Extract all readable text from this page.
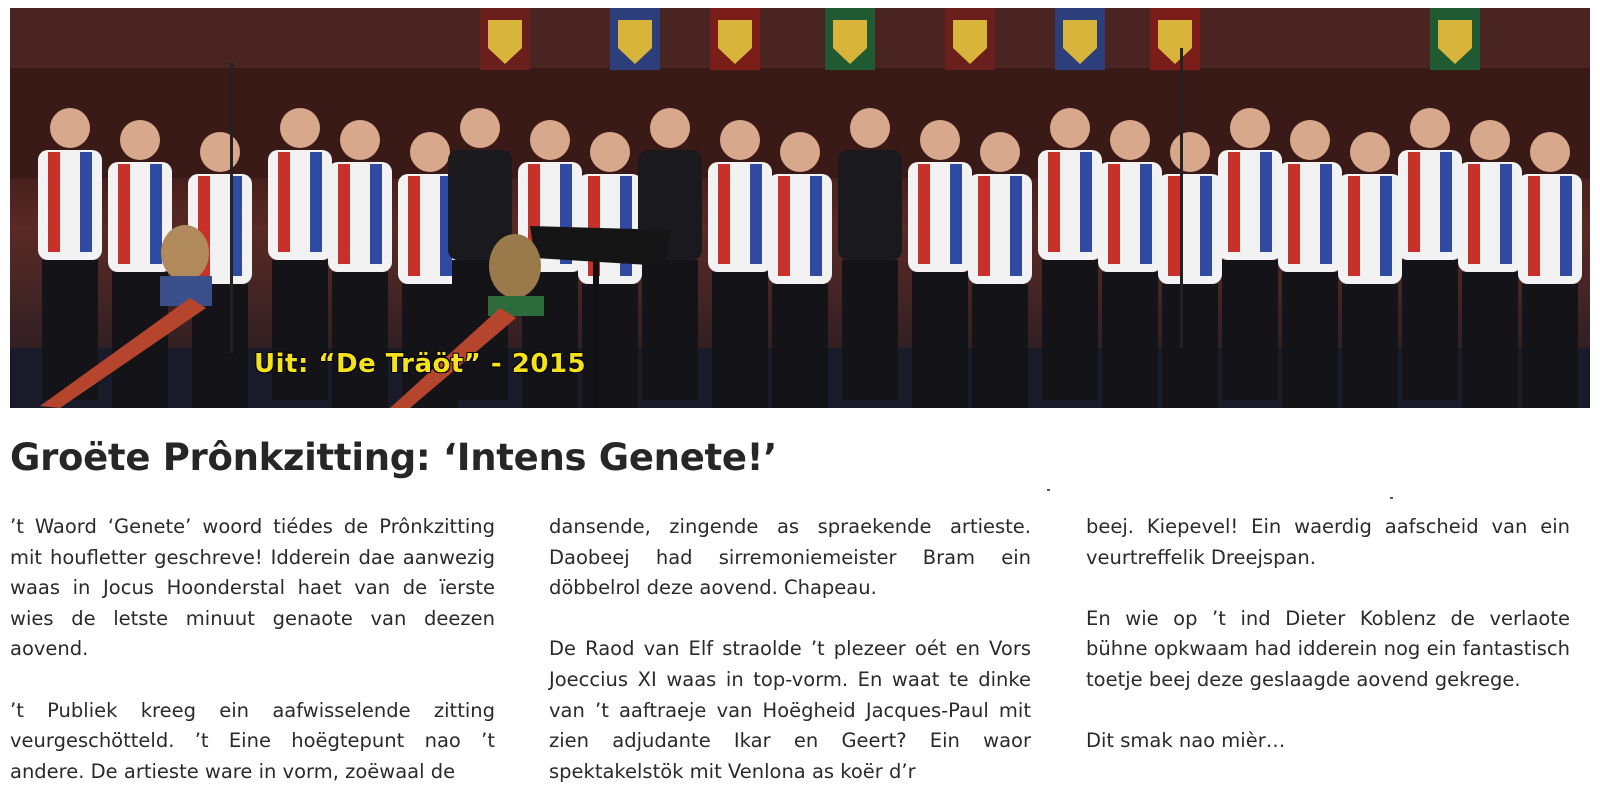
Uit: “De Träöt” - 2015
Groëte Prônkzitting: ‘Intens Genete!’

’t Waord ‘Genete’ woord tiédes de Prônkzitting mit houfletter geschreve! Idderein dae aanwezig waas in Jocus Hoonderstal haet van de ïerste wies de letste minuut genaote van deezen aovend.

’t Publiek kreeg ein aafwisselende zitting veurgeschötteld. ’t Eine hoëgtepunt nao ’t andere. De artieste ware in vorm, zoëwaal de

dansende, zingende as spraekende artieste. Daobeej had sirremoniemeister Bram ein döbbelrol deze aovend. Chapeau.

De Raod van Elf straolde ’t plezeer oét en Vors Joeccius XI waas in top-vorm. En waat te dinke van ’t aaftraeje van Hoëgheid Jacques-Paul mit zien adjudante Ikar en Geert? Ein waor spektakelstök mit Venlona as koër d’r

beej. Kiepevel! Ein waerdig aafscheid van ein veurtreffelik Dreejspan.

En wie op ’t ind Dieter Koblenz de verlaote bühne opkwaam had idderein nog ein fantastisch toetje beej deze geslaagde aovend gekrege.

Dit smak nao mièr…
